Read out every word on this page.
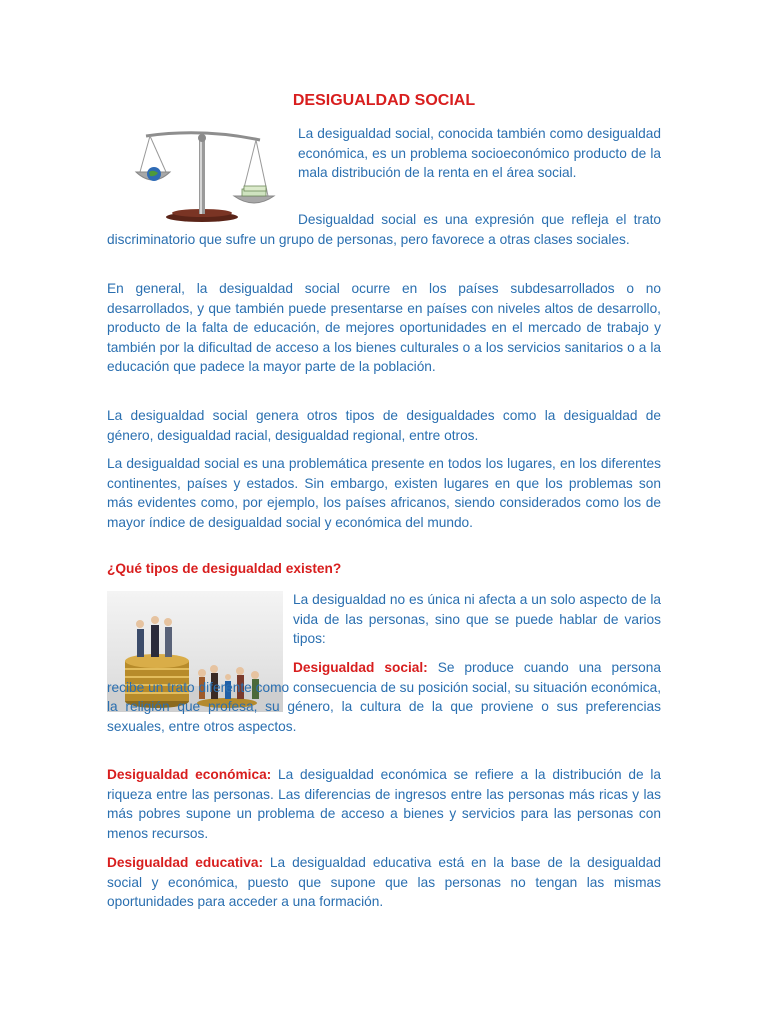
DESIGUALDAD SOCIAL

La desigualdad social, conocida también como desigualdad económica, es un problema socioeconómico producto de la mala distribución de la renta en el área social.

Desigualdad social es una expresión que refleja el trato discriminatorio que sufre un grupo de personas, pero favorece a otras clases sociales.

En general, la desigualdad social ocurre en los países subdesarrollados o no desarrollados, y que también puede presentarse en países con niveles altos de desarrollo, producto de la falta de educación, de mejores oportunidades en el mercado de trabajo y también por la dificultad de acceso a los bienes culturales o a los servicios sanitarios o a la educación que padece la mayor parte de la población.

La desigualdad social genera otros tipos de desigualdades como la desigualdad de género, desigualdad racial, desigualdad regional, entre otros.

La desigualdad social es una problemática presente en todos los lugares, en los diferentes continentes, países y estados. Sin embargo, existen lugares en que los problemas son más evidentes como, por ejemplo, los países africanos, siendo considerados como los de mayor índice de desigualdad social y económica del mundo.

¿Qué tipos de desigualdad existen?

La desigualdad no es única ni afecta a un solo aspecto de la vida de las personas, sino que se puede hablar de varios tipos:

Desigualdad social: Se produce cuando una persona recibe un trato diferente como consecuencia de su posición social, su situación económica, la religión que profesa, su género, la cultura de la que proviene o sus preferencias sexuales, entre otros aspectos.

Desigualdad económica: La desigualdad económica se refiere a la distribución de la riqueza entre las personas. Las diferencias de ingresos entre las personas más ricas y las más pobres supone un problema de acceso a bienes y servicios para las personas con menos recursos.

Desigualdad educativa: La desigualdad educativa está en la base de la desigualdad social y económica, puesto que supone que las personas no tengan las mismas oportunidades para acceder a una formación.
